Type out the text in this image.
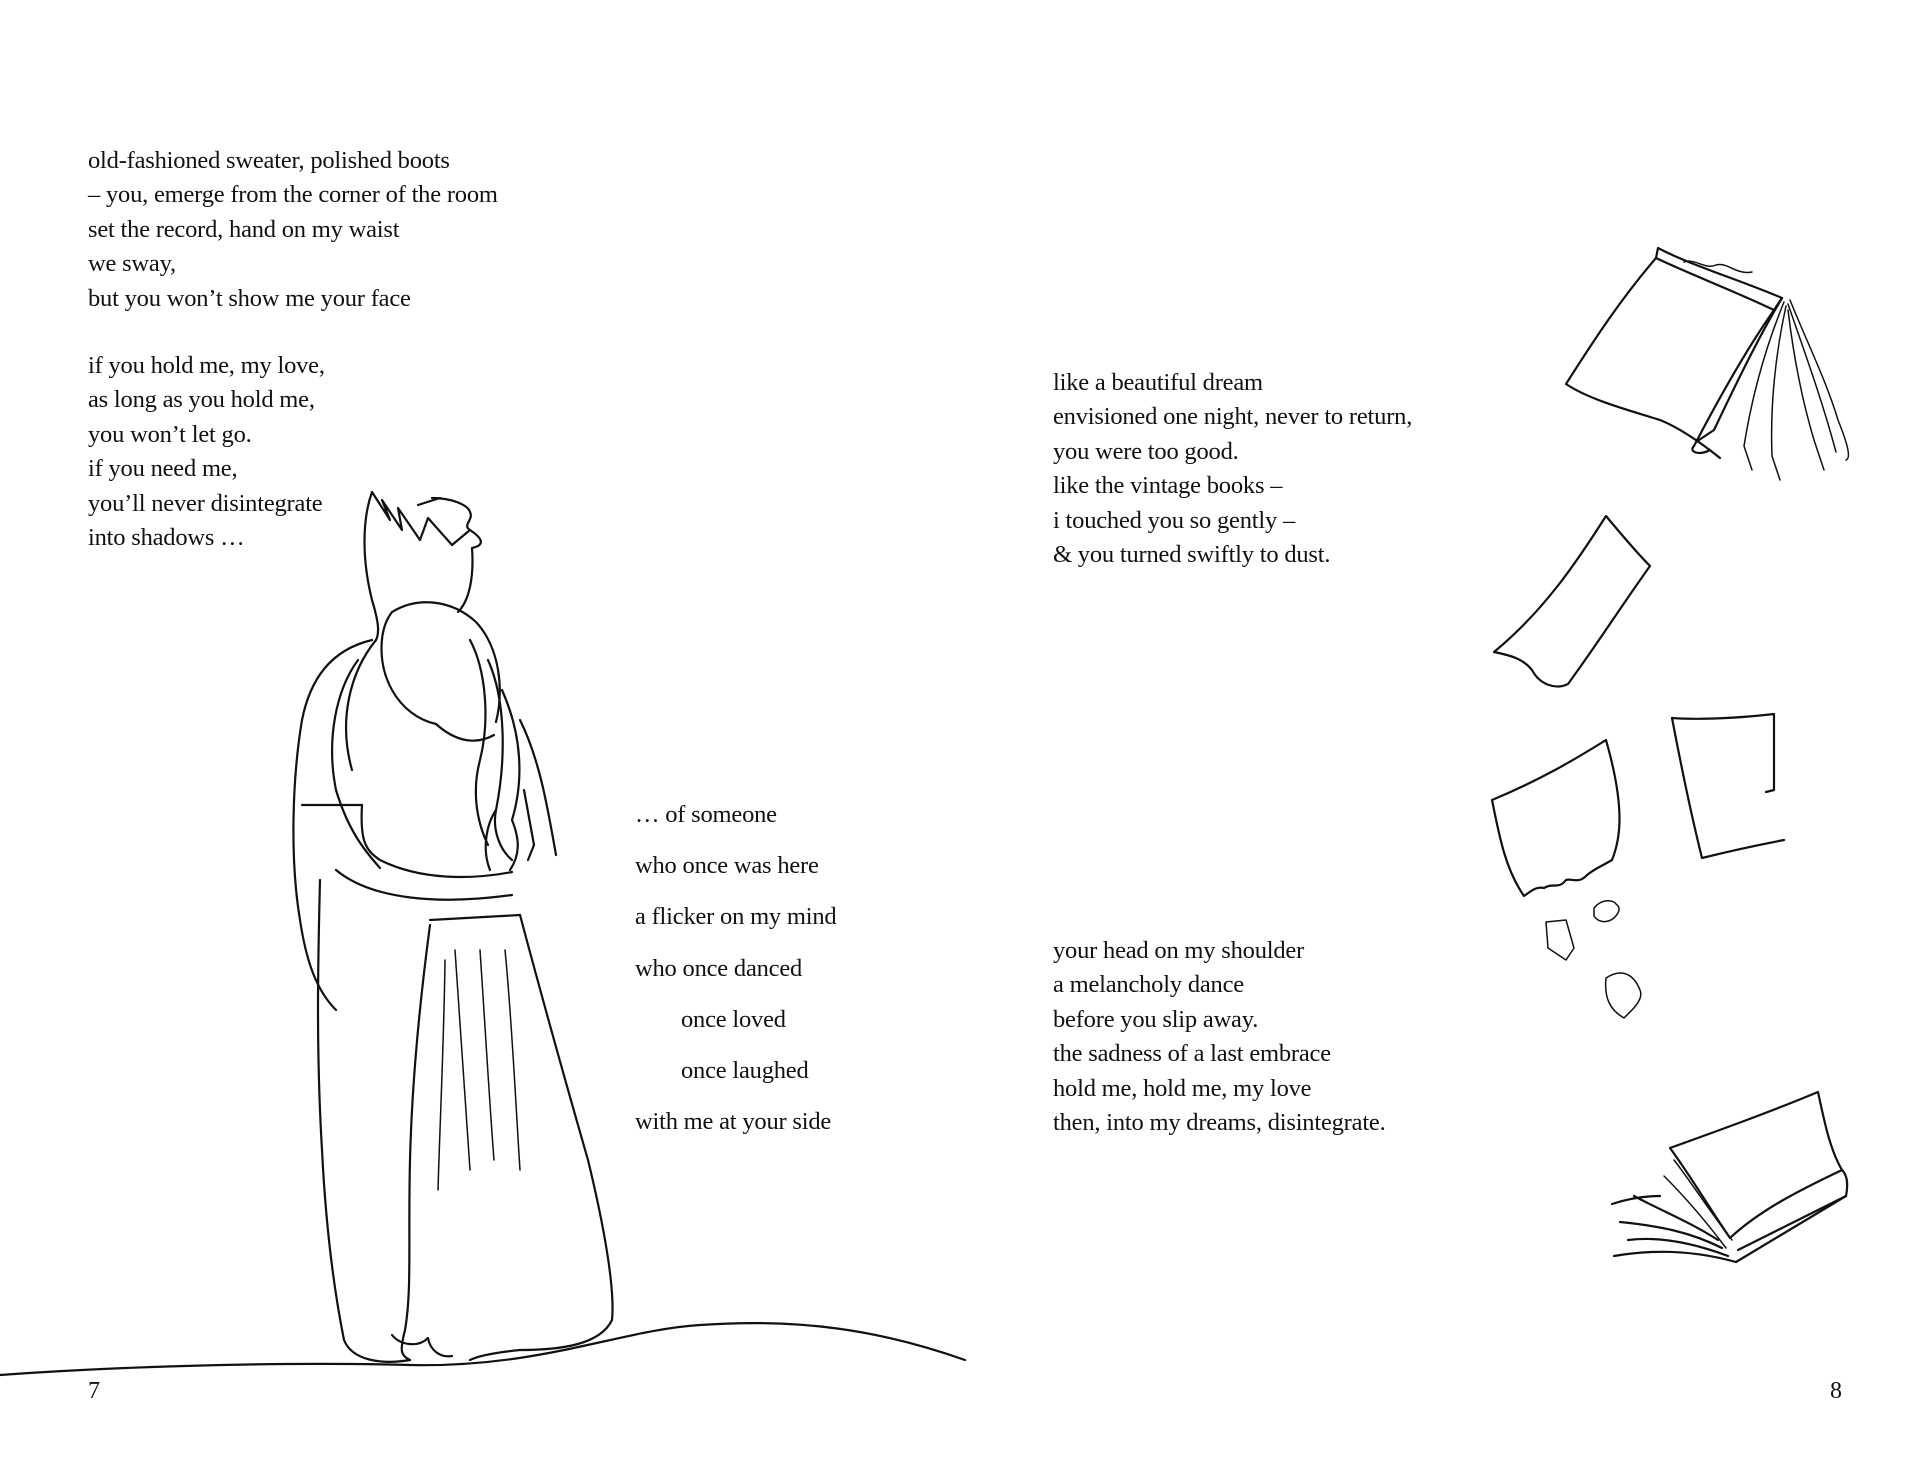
old-fashioned sweater, polished boots
– you, emerge from the corner of the room
set the record, hand on my waist
we sway,
but you won’t show me your face
if you hold me, my love,
as long as you hold me,
you won’t let go.
if you need me,
you’ll never disintegrate
into shadows …
… of someone
who once was here
a flicker on my mind
who once danced
once loved
once laughed
with me at your side
like a beautiful dream
envisioned one night, never to return,
you were too good.
like the vintage books –
i touched you so gently –
& you turned swiftly to dust.
your head on my shoulder
a melancholy dance
before you slip away.
the sadness of a last embrace
hold me, hold me, my love
then, into my dreams, disintegrate.
7	8
